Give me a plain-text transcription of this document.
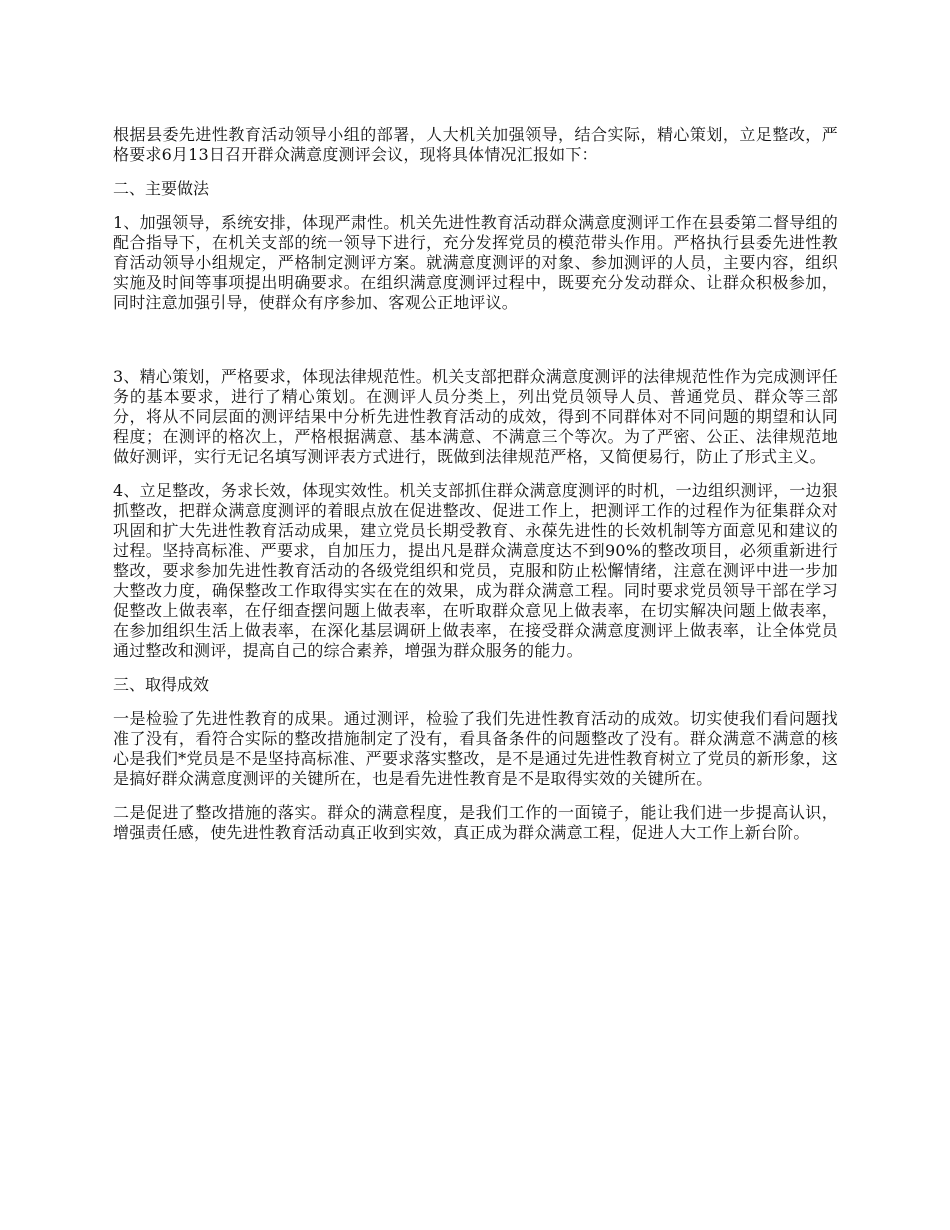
根据县委先进性教育活动领导小组的部署，人大机关加强领导，结合实际，精心策划，立足整改，严格要求6月13日召开群众满意度测评会议，现将具体情况汇报如下：

二、主要做法

1、加强领导，系统安排，体现严肃性。机关先进性教育活动群众满意度测评工作在县委第二督导组的配合指导下，在机关支部的统一领导下进行，充分发挥党员的模范带头作用。严格执行县委先进性教育活动领导小组规定，严格制定测评方案。就满意度测评的对象、参加测评的人员，主要内容，组织实施及时间等事项提出明确要求。在组织满意度测评过程中，既要充分发动群众、让群众积极参加，同时注意加强引导，使群众有序参加、客观公正地评议。

3、精心策划，严格要求，体现法律规范性。机关支部把群众满意度测评的法律规范性作为完成测评任务的基本要求，进行了精心策划。在测评人员分类上，列出党员领导人员、普通党员、群众等三部分，将从不同层面的测评结果中分析先进性教育活动的成效，得到不同群体对不同问题的期望和认同程度；在测评的格次上，严格根据满意、基本满意、不满意三个等次。为了严密、公正、法律规范地做好测评，实行无记名填写测评表方式进行，既做到法律规范严格，又简便易行，防止了形式主义。

4、立足整改，务求长效，体现实效性。机关支部抓住群众满意度测评的时机，一边组织测评，一边狠抓整改，把群众满意度测评的着眼点放在促进整改、促进工作上，把测评工作的过程作为征集群众对巩固和扩大先进性教育活动成果，建立党员长期受教育、永葆先进性的长效机制等方面意见和建议的过程。坚持高标准、严要求，自加压力，提出凡是群众满意度达不到90%的整改项目，必须重新进行整改，要求参加先进性教育活动的各级党组织和党员，克服和防止松懈情绪，注意在测评中进一步加大整改力度，确保整改工作取得实实在在的效果，成为群众满意工程。同时要求党员领导干部在学习促整改上做表率，在仔细查摆问题上做表率，在听取群众意见上做表率，在切实解决问题上做表率，在参加组织生活上做表率，在深化基层调研上做表率，在接受群众满意度测评上做表率，让全体党员通过整改和测评，提高自己的综合素养，增强为群众服务的能力。

三、取得成效

一是检验了先进性教育的成果。通过测评，检验了我们先进性教育活动的成效。切实使我们看问题找准了没有，看符合实际的整改措施制定了没有，看具备条件的问题整改了没有。群众满意不满意的核心是我们*党员是不是坚持高标准、严要求落实整改，是不是通过先进性教育树立了党员的新形象，这是搞好群众满意度测评的关键所在，也是看先进性教育是不是取得实效的关键所在。

二是促进了整改措施的落实。群众的满意程度，是我们工作的一面镜子，能让我们进一步提高认识，增强责任感，使先进性教育活动真正收到实效，真正成为群众满意工程，促进人大工作上新台阶。
